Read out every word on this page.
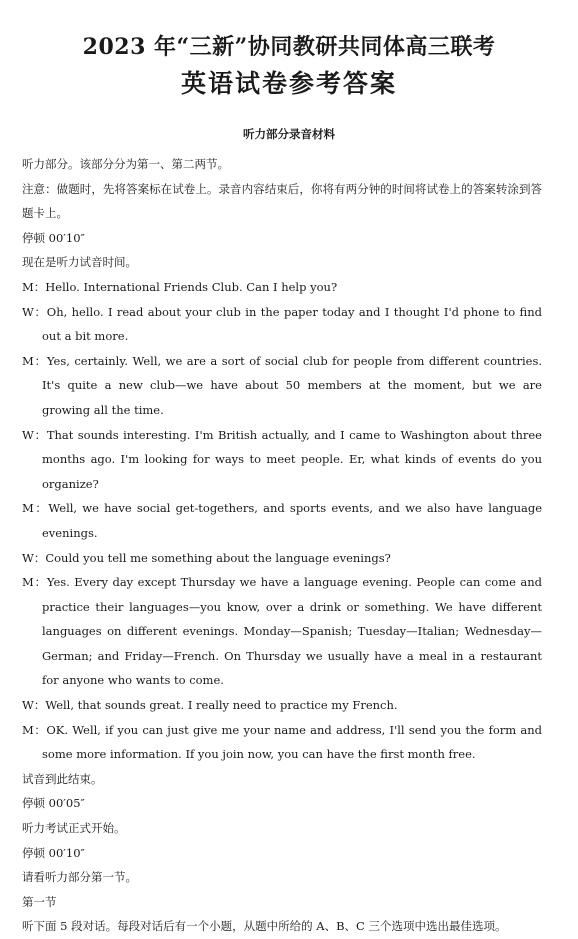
2023 年“三新”协同教研共同体高三联考
英语试卷参考答案
听力部分录音材料
听力部分。该部分分为第一、第二两节。
注意：做题时，先将答案标在试卷上。录音内容结束后，你将有两分钟的时间将试卷上的答案转涂到答题卡上。
停顿 00′10″
现在是听力试音时间。
M：Hello. International Friends Club. Can I help you?
W：Oh, hello. I read about your club in the paper today and I thought I'd phone to find out a bit more.
M：Yes, certainly. Well, we are a sort of social club for people from different countries. It's quite a new club—we have about 50 members at the moment, but we are growing all the time.
W：That sounds interesting. I'm British actually, and I came to Washington about three months ago. I'm looking for ways to meet people. Er, what kinds of events do you organize?
M：Well, we have social get-togethers, and sports events, and we also have language evenings.
W：Could you tell me something about the language evenings?
M：Yes. Every day except Thursday we have a language evening. People can come and practice their languages—you know, over a drink or something. We have different languages on different evenings. Monday—Spanish; Tuesday—Italian; Wednesday—German; and Friday—French. On Thursday we usually have a meal in a restaurant for anyone who wants to come.
W：Well, that sounds great. I really need to practice my French.
M：OK. Well, if you can just give me your name and address, I'll send you the form and some more information. If you join now, you can have the first month free.
试音到此结束。
停顿 00′05″
听力考试正式开始。
停顿 00′10″
请看听力部分第一节。
第一节
听下面 5 段对话。每段对话后有一个小题，从题中所给的 A、B、C 三个选项中选出最佳选项。
